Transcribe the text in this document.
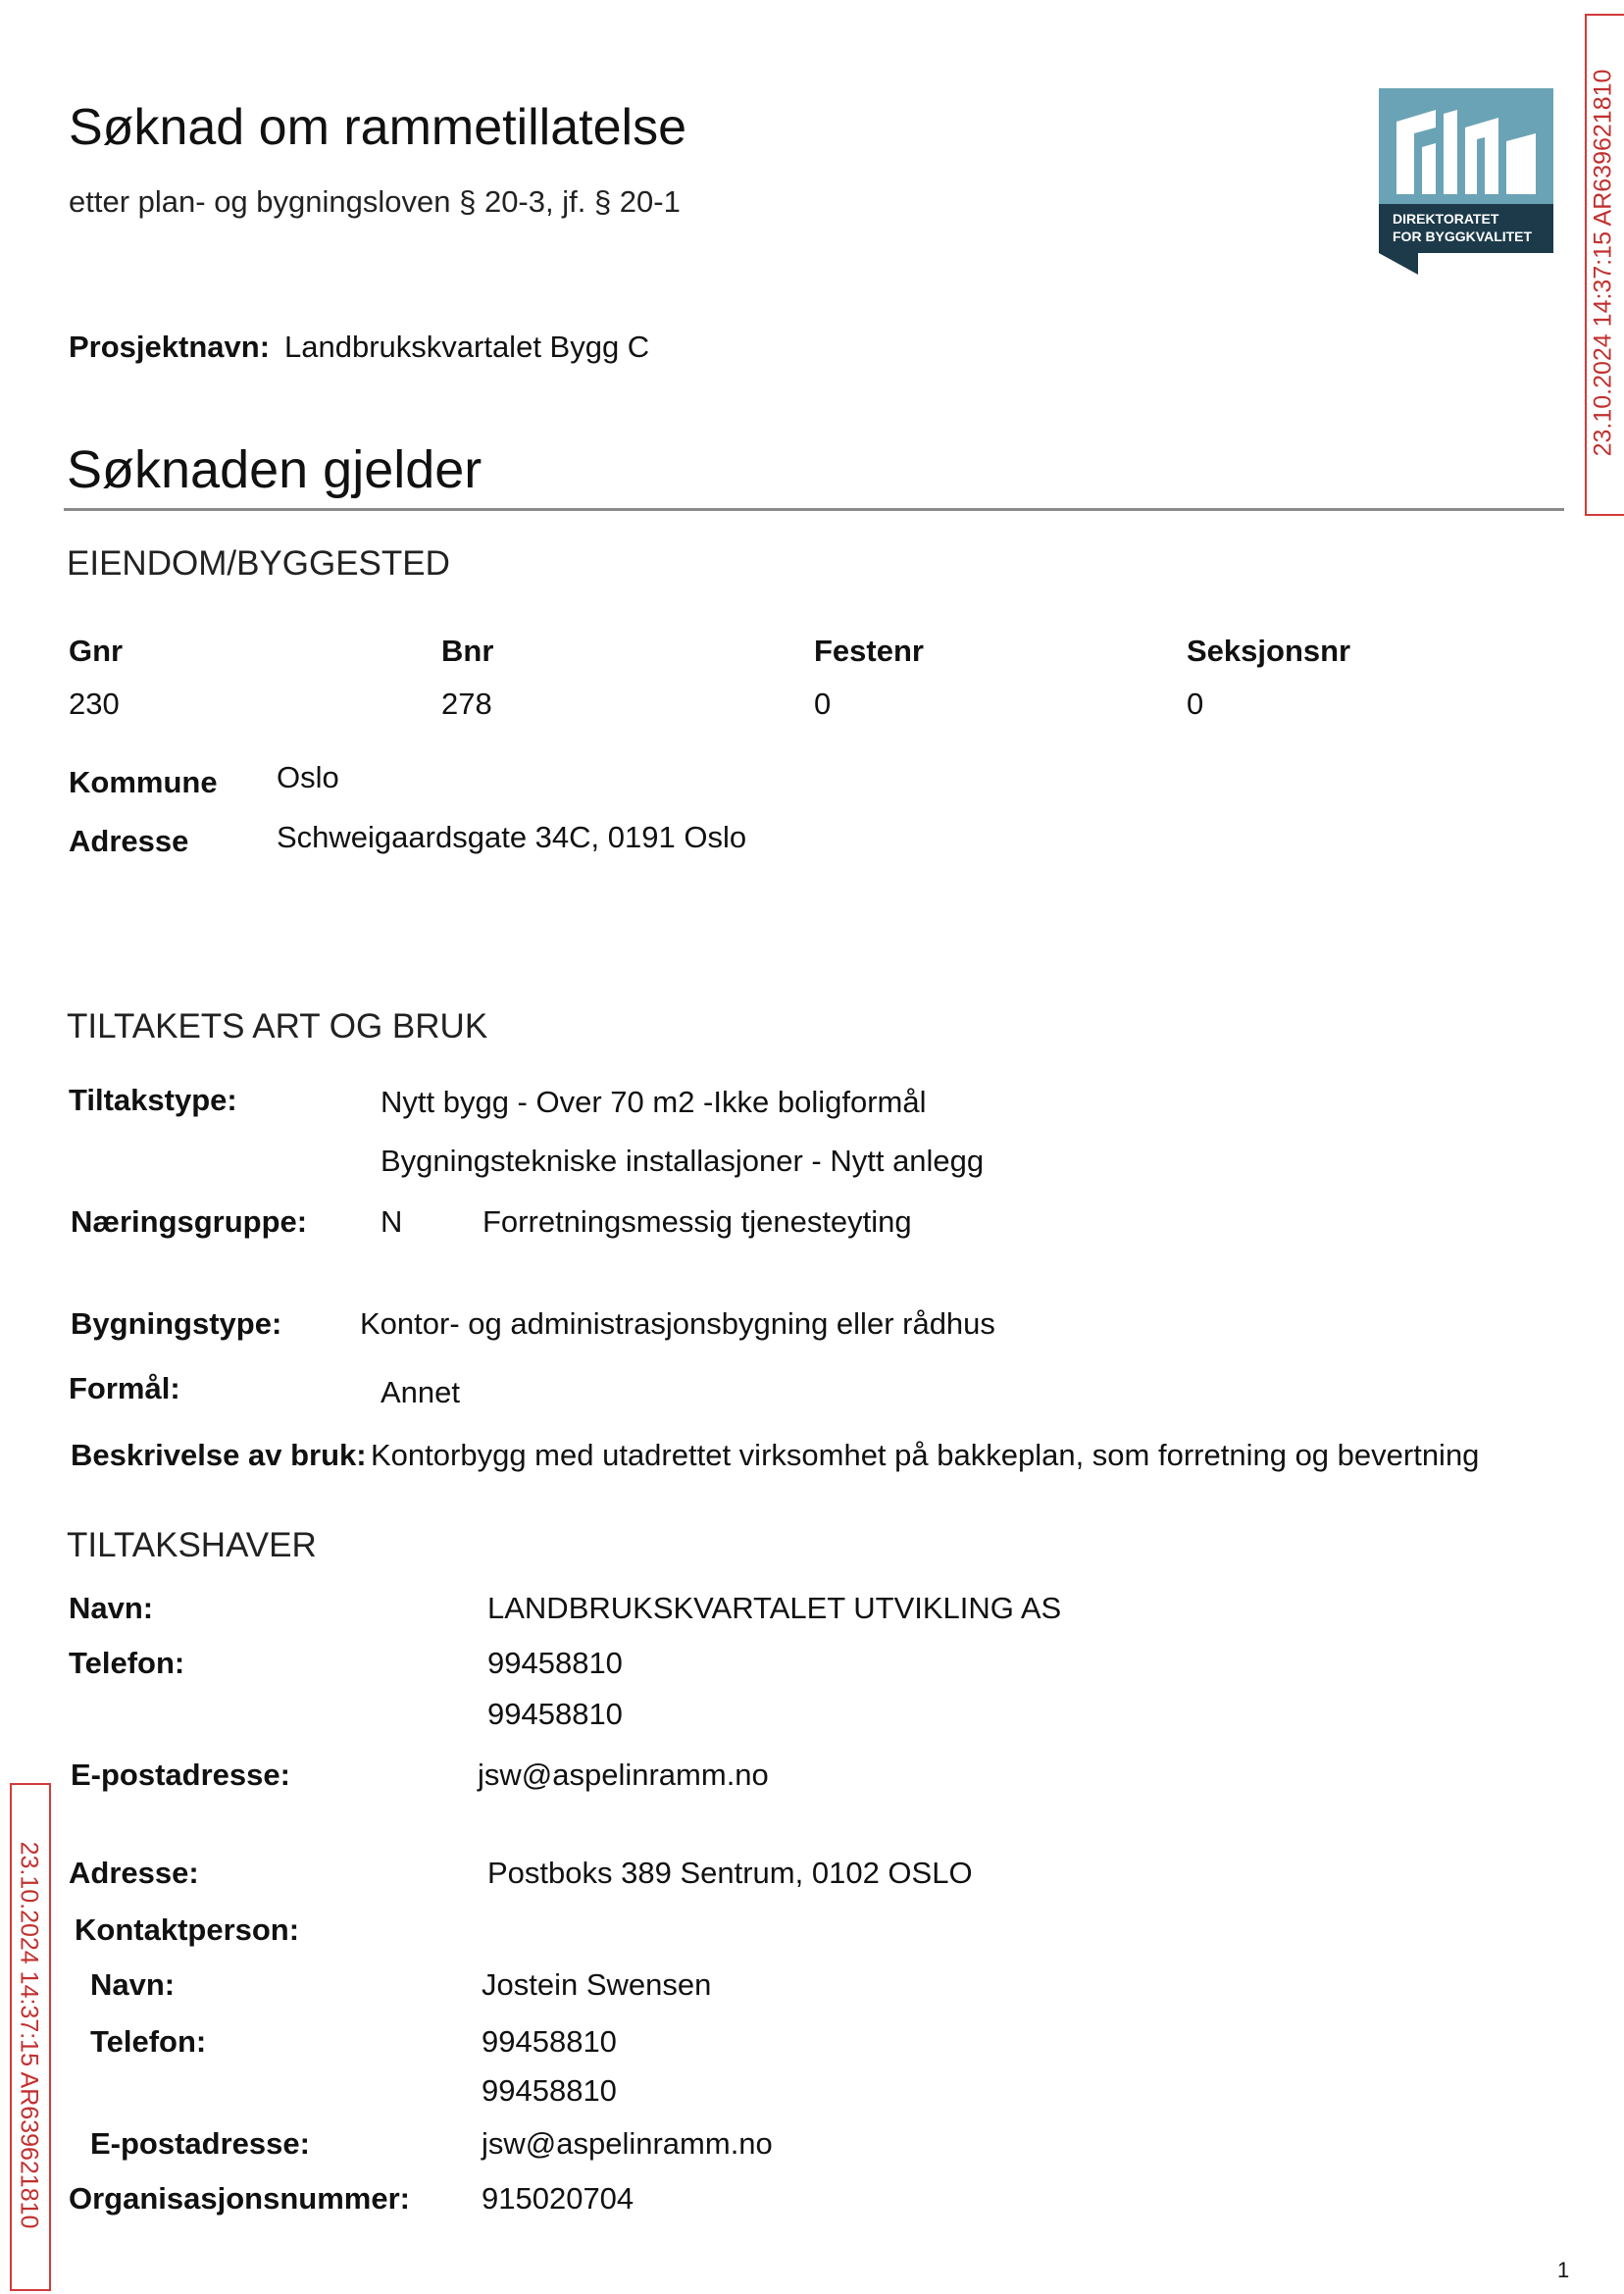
Søknad om rammetillatelse
etter plan- og bygningsloven § 20-3, jf. § 20-1	DIREKTORATET
FOR BYGGKVALITET 23.10.2024 14:37:15 AR639621810
23.10.2024 14:37:15 AR639621810
Prosjektnavn: Landbrukskvartalet Bygg C
Søknaden gjelder
EIENDOM/BYGGESTED
Gnr	Bnr	Festenr	Seksjonsnr
230	278	0	0
Kommune Oslo
Adresse	Schweigaardsgate 34C, 0191 Oslo
TILTAKETS ART OG BRUK
Tiltakstype:	Nytt bygg - Over 70 m2 -Ikke boligformål
Bygningstekniske installasjoner - Nytt anlegg
Næringsgruppe: N	Forretningsmessig tjenesteyting
Bygningstype:	Kontor- og administrasjonsbygning eller rådhus
Formål:	Annet
Beskrivelse av bruk: Kontorbygg med utadrettet virksomhet på bakkeplan, som forretning og bevertning
TILTAKSHAVER
Navn:	LANDBRUKSKVARTALET UTVIKLING AS
Telefon:	99458810
99458810
E-postadresse:	jsw@aspelinramm.no
Adresse:	Postboks 389 Sentrum, 0102 OSLO
Kontaktperson:
Navn:	Jostein Swensen
Telefon:	99458810
99458810
E-postadresse:	jsw@aspelinramm.no
Organisasjonsnummer: 915020704
1
